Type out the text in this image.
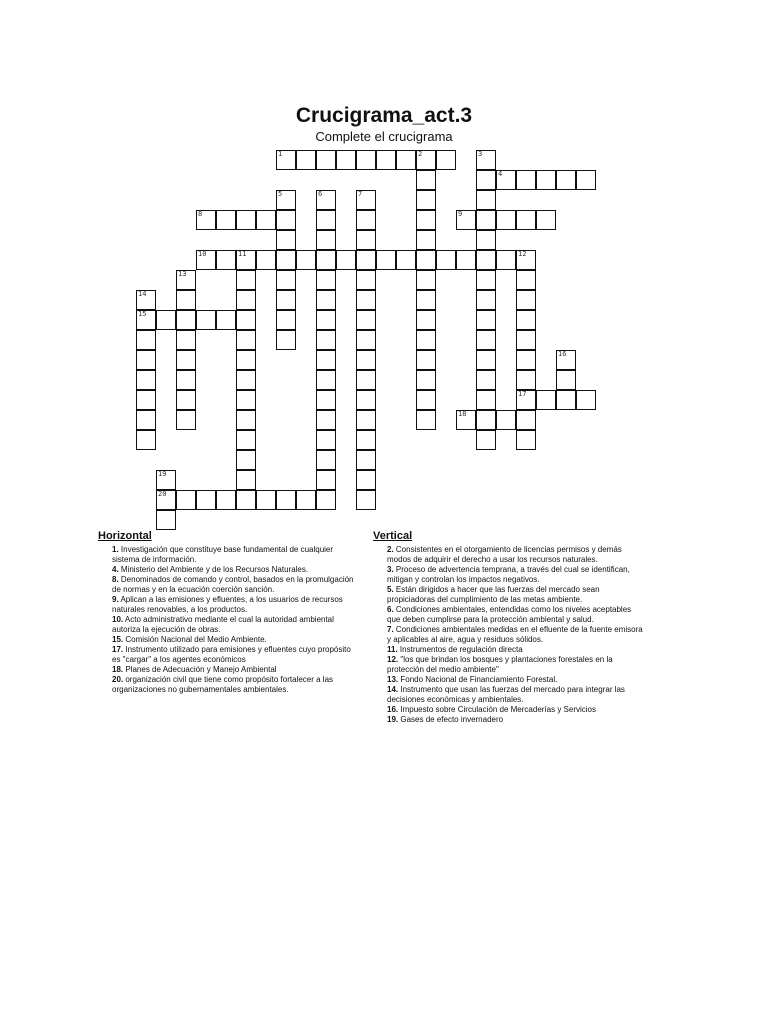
Crucigrama_act.3

Complete el crucigrama

1	2
4
8	9
10	11	12
15
17
18
20
3
5	6	7
13
14
16
19
Horizontal

1. Investigación que constituye base fundamental de cualquier sistema de información.

4. Ministerio del Ambiente y de los Recursos Naturales.

8. Denominados de comando y control, basados en la promulgación de normas y en la ecuación coerción sanción.

9. Aplican a las emisiones y efluentes, a los usuarios de recursos naturales renovables, a los productos.

10. Acto administrativo mediante el cual la autoridad ambiental autoriza la ejecución de obras.

15. Comisión Nacional del Medio Ambiente.

17. Instrumento utilizado para emisiones y efluentes cuyo propósito es "cargar" a los agentes económicos

18. Planes de Adecuación y Manejo Ambiental

20. organización civil que tiene como propósito fortalecer a las organizaciones no gubernamentales ambientales.

Vertical

2. Consistentes en el otorgamiento de licencias permisos y demás modos de adquirir el derecho a usar los recursos naturales.

3. Proceso de advertencia temprana, a través del cual se identifican, mitigan y controlan los impactos negativos.

5. Están dirigidos a hacer que las fuerzas del mercado sean propiciadoras del cumplimiento de las metas ambiente.

6. Condiciones ambientales, entendidas como los niveles aceptables que deben cumplirse para la protección ambiental y salud.

7. Condiciones ambientales medidas en el efluente de la fuente emisora y aplicables al aire, agua y residuos sólidos.

11. Instrumentos de regulación directa

12. "los que brindan los bosques y plantaciones forestales en la protección del medio ambiente"

13. Fondo Nacional de Financiamiento Forestal.

14. Instrumento que usan las fuerzas del mercado para integrar las decisiones económicas y ambientales.

16. Impuesto sobre Circulación de Mercaderías y Servicios

19. Gases de efecto invernadero
